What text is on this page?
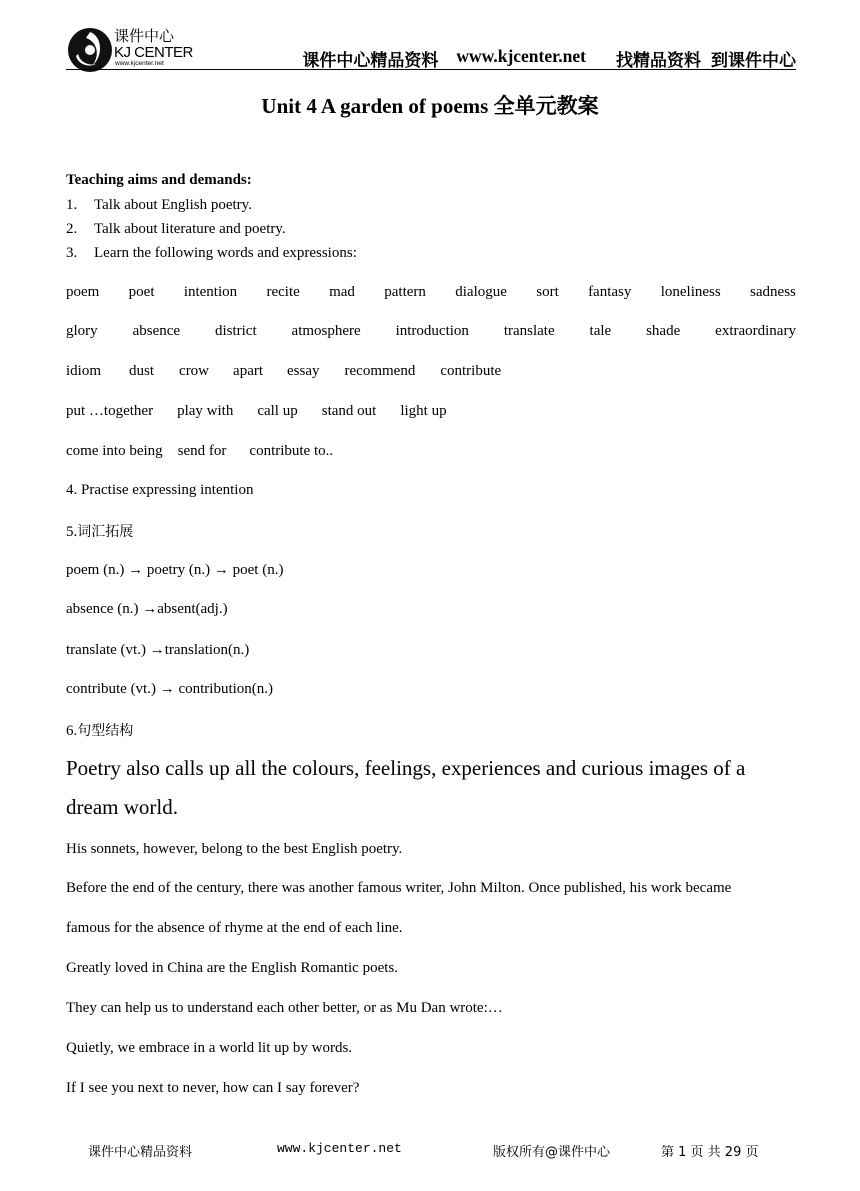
课件中心
KJ CENTER
www.kjcenter.net	课件中心精品资料 www.kjcenter.net 找精品资料 到课件中心
Unit 4 A garden of poems 全单元教案
Teaching aims and demands:
1. Talk about English poetry.
2. Talk about literature and poetry.
3. Learn the following words and expressions:
poem poet intention recite mad pattern dialogue sort fantasy loneliness sadness
glory absence district atmosphere introduction translate tale shade extraordinary
idiom dust crow apart essay recommend contribute
put …together play with call up stand out light up
come into being send for contribute to..
4. Practise expressing intention
5.词汇拓展
poem (n.) → poetry (n.) → poet (n.)
absence (n.) →absent(adj.)
translate (vt.) →translation(n.)
contribute (vt.) → contribution(n.)
6.句型结构
Poetry also calls up all the colours, feelings, experiences and curious images of a dream world.
His sonnets, however, belong to the best English poetry.
Before the end of the century, there was another famous writer, John Milton. Once published, his work became
famous for the absence of rhyme at the end of each line.
Greatly loved in China are the English Romantic poets.
They can help us to understand each other better, or as Mu Dan wrote:…
Quietly, we embrace in a world lit up by words.
If I see you next to never, how can I say forever?
课件中心精品资料	www.kjcenter.net	版权所有@课件中心	第 1 页 共 29 页
